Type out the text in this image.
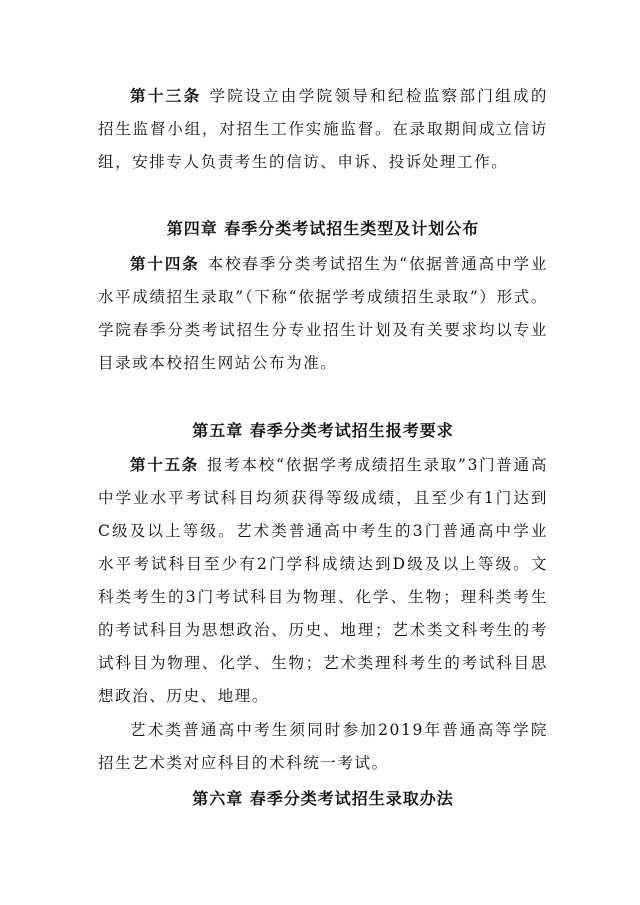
第十三条 学院设立由学院领导和纪检监察部门组成的招生监督小组，对招生工作实施监督。在录取期间成立信访组，安排专人负责考生的信访、申诉、投诉处理工作。

第四章 春季分类考试招生类型及计划公布

第十四条 本校春季分类考试招生为“依据普通高中学业水平成绩招生录取”（下称“依据学考成绩招生录取”）形式。学院春季分类考试招生分专业招生计划及有关要求均以专业目录或本校招生网站公布为准。

第五章 春季分类考试招生报考要求

第十五条 报考本校“依据学考成绩招生录取”3门普通高中学业水平考试科目均须获得等级成绩，且至少有1门达到C级及以上等级。艺术类普通高中考生的3门普通高中学业水平考试科目至少有2门学科成绩达到D级及以上等级。文科类考生的3门考试科目为物理、化学、生物；理科类考生的考试科目为思想政治、历史、地理；艺术类文科考生的考试科目为物理、化学、生物；艺术类理科考生的考试科目思想政治、历史、地理。

艺术类普通高中考生须同时参加2019年普通高等学院招生艺术类对应科目的术科统一考试。

第六章 春季分类考试招生录取办法
